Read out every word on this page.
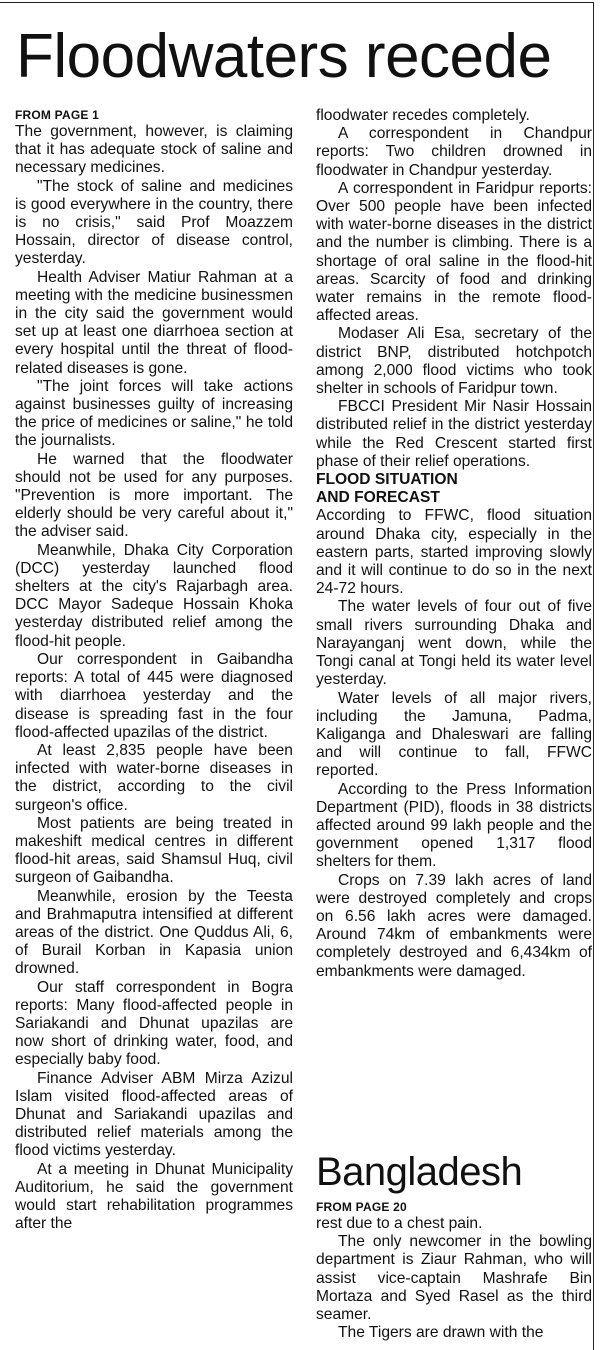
Floodwaters recede
FROM PAGE 1

The government, however, is claiming that it has adequate stock of saline and necessary medicines.

"The stock of saline and medicines is good everywhere in the country, there is no crisis," said Prof Moazzem Hossain, director of disease control, yesterday.

Health Adviser Matiur Rahman at a meeting with the medicine businessmen in the city said the government would set up at least one diarrhoea section at every hospital until the threat of flood-related diseases is gone.

"The joint forces will take actions against businesses guilty of increasing the price of medicines or saline," he told the journalists.

He warned that the floodwater should not be used for any purposes. "Prevention is more important. The elderly should be very careful about it," the adviser said.

Meanwhile, Dhaka City Corporation (DCC) yesterday launched flood shelters at the city's Rajarbagh area. DCC Mayor Sadeque Hossain Khoka yesterday distributed relief among the flood-hit people.

Our correspondent in Gaibandha reports: A total of 445 were diagnosed with diarrhoea yesterday and the disease is spreading fast in the four flood-affected upazilas of the district.

At least 2,835 people have been infected with water-borne diseases in the district, according to the civil surgeon's office.

Most patients are being treated in makeshift medical centres in different flood-hit areas, said Shamsul Huq, civil surgeon of Gaibandha.

Meanwhile, erosion by the Teesta and Brahmaputra intensified at different areas of the district. One Quddus Ali, 6, of Burail Korban in Kapasia union drowned.

Our staff correspondent in Bogra reports: Many flood-affected people in Sariakandi and Dhunat upazilas are now short of drinking water, food, and especially baby food.

Finance Adviser ABM Mirza Azizul Islam visited flood-affected areas of Dhunat and Sariakandi upazilas and distributed relief materials among the flood victims yesterday.

At a meeting in Dhunat Municipality Auditorium, he said the government would start rehabilitation programmes after the

floodwater recedes completely.

A correspondent in Chandpur reports: Two children drowned in floodwater in Chandpur yesterday.

A correspondent in Faridpur reports: Over 500 people have been infected with water-borne diseases in the district and the number is climbing. There is a shortage of oral saline in the flood-hit areas. Scarcity of food and drinking water remains in the remote flood-affected areas.

Modaser Ali Esa, secretary of the district BNP, distributed hotchpotch among 2,000 flood victims who took shelter in schools of Faridpur town.

FBCCI President Mir Nasir Hossain distributed relief in the district yesterday while the Red Crescent started first phase of their relief operations.

FLOOD SITUATION
AND FORECAST

According to FFWC, flood situation around Dhaka city, especially in the eastern parts, started improving slowly and it will continue to do so in the next 24-72 hours.

The water levels of four out of five small rivers surrounding Dhaka and Narayanganj went down, while the Tongi canal at Tongi held its water level yesterday.

Water levels of all major rivers, including the Jamuna, Padma, Kaliganga and Dhaleswari are falling and will continue to fall, FFWC reported.

According to the Press Information Department (PID), floods in 38 districts affected around 99 lakh people and the government opened 1,317 flood shelters for them.

Crops on 7.39 lakh acres of land were destroyed completely and crops on 6.56 lakh acres were damaged. Around 74km of embankments were completely destroyed and 6,434km of embankments were damaged.

Bangladesh
FROM PAGE 20

rest due to a chest pain.

The only newcomer in the bowling department is Ziaur Rahman, who will assist vice-captain Mashrafe Bin Mortaza and Syed Rasel as the third seamer.

The Tigers are drawn with the
